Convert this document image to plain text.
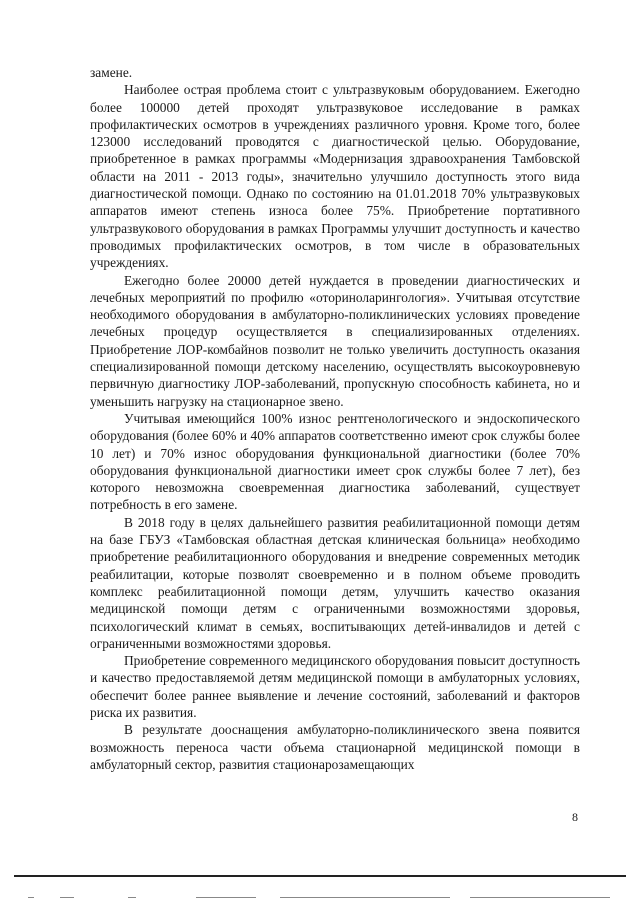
замене.

Наиболее острая проблема стоит с ультразвуковым оборудованием. Ежегодно более 100000 детей проходят ультразвуковое исследование в рамках профилактических осмотров в учреждениях различного уровня. Кроме того, более 123000 исследований проводятся с диагностической целью. Оборудование, приобретенное в рамках программы «Модернизация здравоохранения Тамбовской области на 2011 - 2013 годы», значительно улучшило доступность этого вида диагностической помощи. Однако по состоянию на 01.01.2018 70% ультразвуковых аппаратов имеют степень износа более 75%. Приобретение портативного ультразвукового оборудования в рамках Программы улучшит доступность и качество проводимых профилактических осмотров, в том числе в образовательных учреждениях.

Ежегодно более 20000 детей нуждается в проведении диагностических и лечебных мероприятий по профилю «оториноларингология». Учитывая отсутствие необходимого оборудования в амбулаторно-поликлинических условиях проведение лечебных процедур осуществляется в специализированных отделениях. Приобретение ЛОР-комбайнов позволит не только увеличить доступность оказания специализированной помощи детскому населению, осуществлять высокоуровневую первичную диагностику ЛОР-заболеваний, пропускную способность кабинета, но и уменьшить нагрузку на стационарное звено.

Учитывая имеющийся 100% износ рентгенологического и эндоскопического оборудования (более 60% и 40% аппаратов соответственно имеют срок службы более 10 лет) и 70% износ оборудования функциональной диагностики (более 70% оборудования функциональной диагностики имеет срок службы более 7 лет), без которого невозможна своевременная диагностика заболеваний, существует потребность в его замене.

В 2018 году в целях дальнейшего развития реабилитационной помощи детям на базе ГБУЗ «Тамбовская областная детская клиническая больница» необходимо приобретение реабилитационного оборудования и внедрение современных методик реабилитации, которые позволят своевременно и в полном объеме проводить комплекс реабилитационной помощи детям, улучшить качество оказания медицинской помощи детям с ограниченными возможностями здоровья, психологический климат в семьях, воспитывающих детей-инвалидов и детей с ограниченными возможностями здоровья.

Приобретение современного медицинского оборудования повысит доступность и качество предоставляемой детям медицинской помощи в амбулаторных условиях, обеспечит более раннее выявление и лечение состояний, заболеваний и факторов риска их развития.

В результате дооснащения амбулаторно-поликлинического звена появится возможность переноса части объема стационарной медицинской помощи в амбулаторный сектор, развития стационарозамещающих

8
